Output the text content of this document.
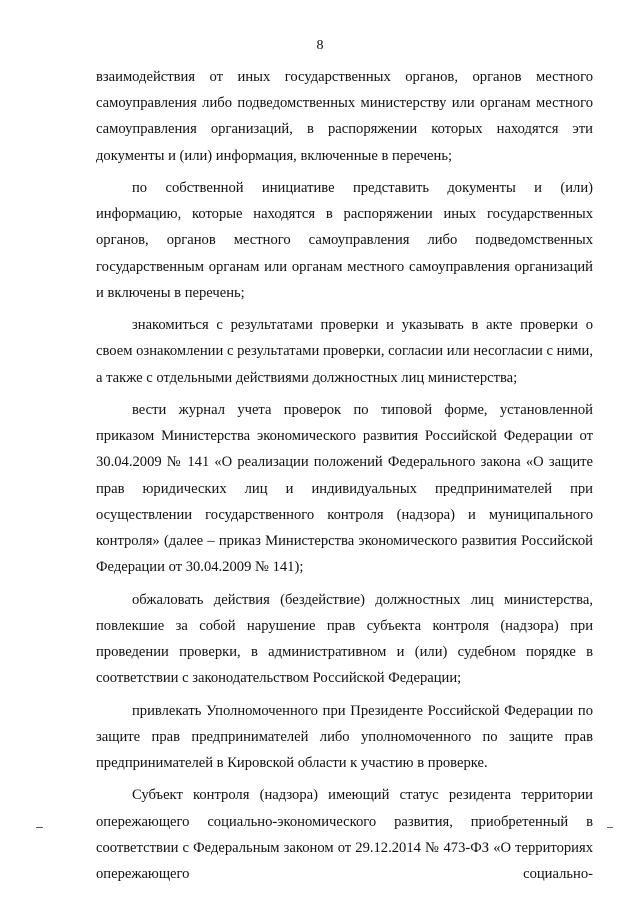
8

взаимодействия от иных государственных органов, органов местного самоуправления либо подведомственных министерству или органам местного самоуправления организаций, в распоряжении которых находятся эти документы и (или) информация, включенные в перечень;

по собственной инициативе представить документы и (или) информацию, которые находятся в распоряжении иных государственных органов, органов местного самоуправления либо подведомственных государственным органам или органам местного самоуправления организаций и включены в перечень;

знакомиться с результатами проверки и указывать в акте проверки о своем ознакомлении с результатами проверки, согласии или несогласии с ними, а также с отдельными действиями должностных лиц министерства;

вести журнал учета проверок по типовой форме, установленной приказом Министерства экономического развития Российской Федерации от 30.04.2009 № 141 «О реализации положений Федерального закона «О защите прав юридических лиц и индивидуальных предпринимателей при осуществлении государственного контроля (надзора) и муниципального контроля» (далее – приказ Министерства экономического развития Российской Федерации от 30.04.2009 № 141);

обжаловать действия (бездействие) должностных лиц министерства, повлекшие за собой нарушение прав субъекта контроля (надзора) при проведении проверки, в административном и (или) судебном порядке в соответствии с законодательством Российской Федерации;

привлекать Уполномоченного при Президенте Российской Федерации по защите прав предпринимателей либо уполномоченного по защите прав предпринимателей в Кировской области к участию в проверке.

Субъект контроля (надзора) имеющий статус резидента территории опережающего социально-экономического развития, приобретенный в соответствии с Федеральным законом от 29.12.2014 № 473-ФЗ «О территориях опережающего социально-
